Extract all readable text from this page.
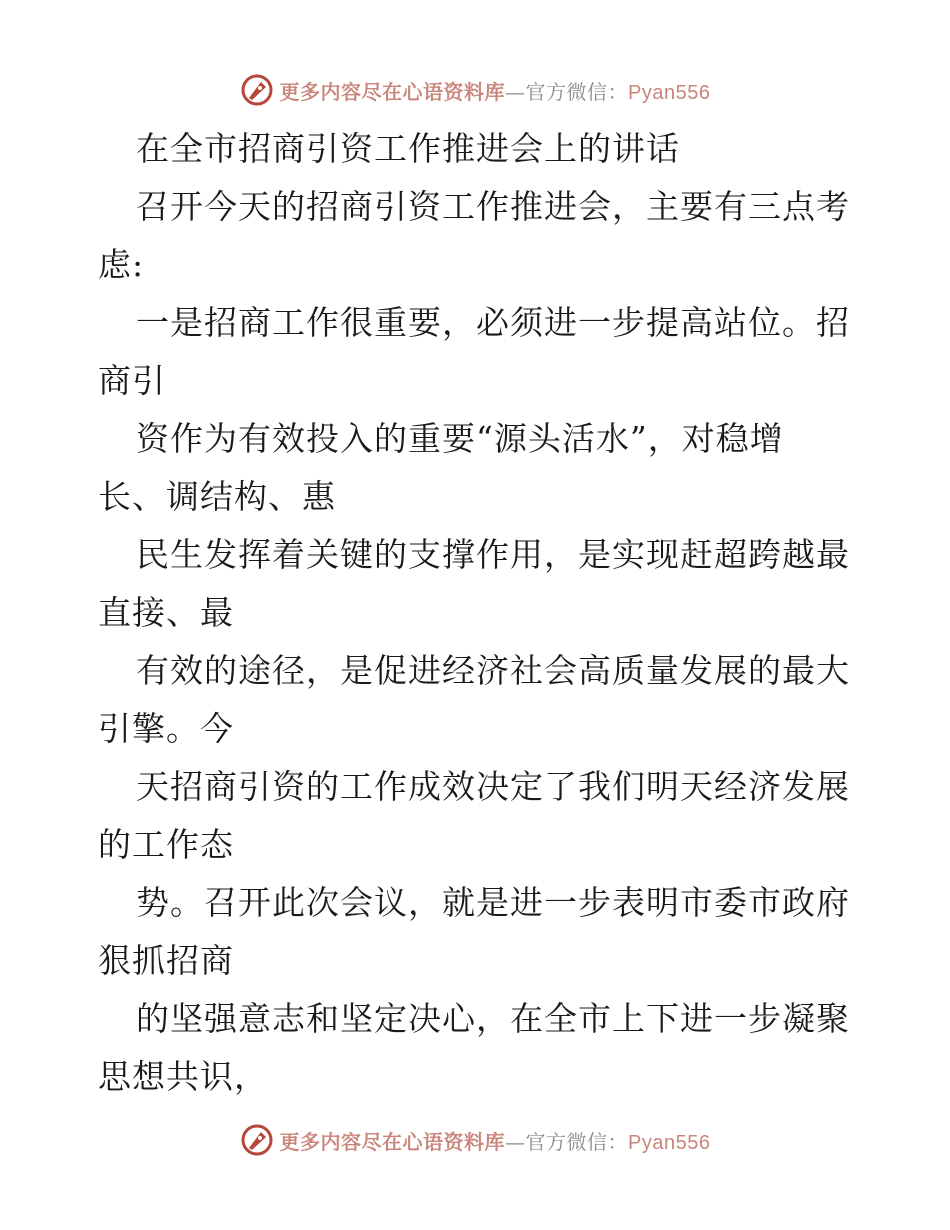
更多内容尽在心语资料库—官方微信：Pyan556
在全市招商引资工作推进会上的讲话
召开今天的招商引资工作推进会，主要有三点考
虑:
一是招商工作很重要，必须进一步提高站位。招
商引
资作为有效投入的重要“源头活水”，对稳增
长、调结构、惠
民生发挥着关键的支撑作用，是实现赶超跨越最
直接、最
有效的途径，是促进经济社会高质量发展的最大
引擎。今
天招商引资的工作成效决定了我们明天经济发展
的工作态
势。召开此次会议，就是进一步表明市委市政府
狠抓招商
的坚强意志和坚定决心，在全市上下进一步凝聚
思想共识，
更多内容尽在心语资料库—官方微信：Pyan556
